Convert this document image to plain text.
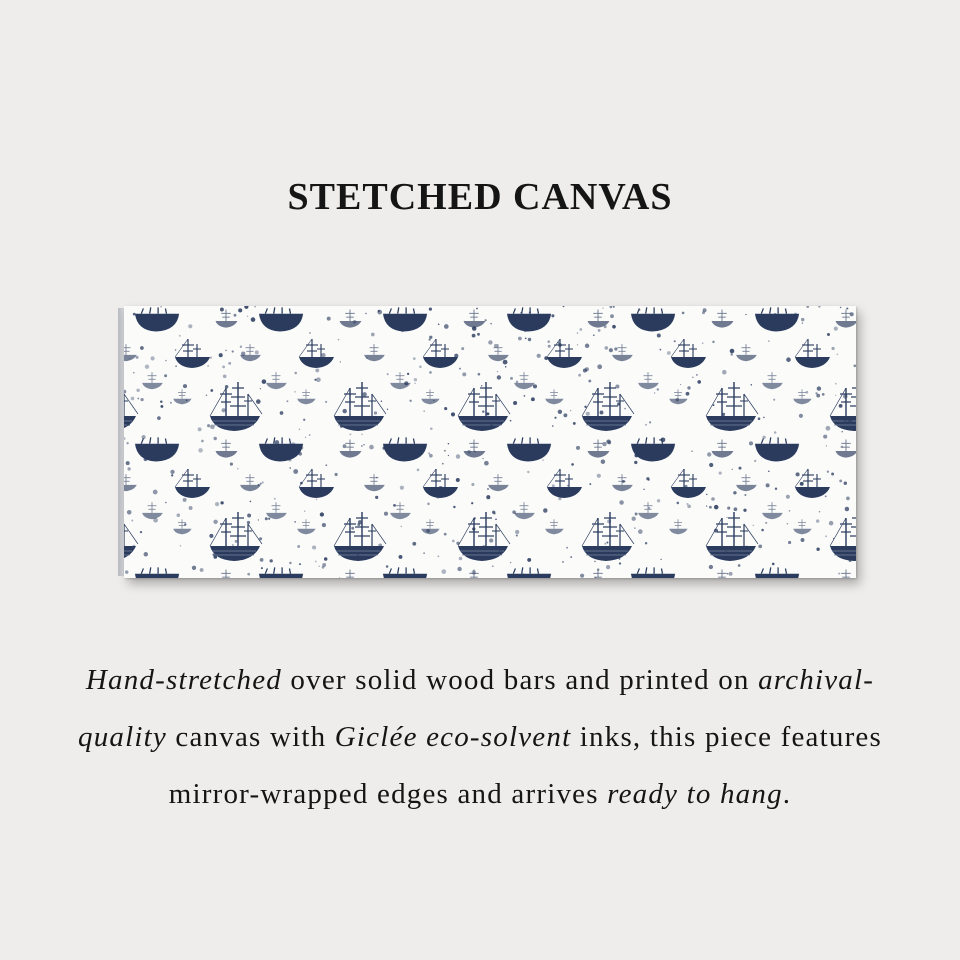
STETCHED CANVAS

Hand-stretched over solid wood bars and printed on archival-quality canvas with Giclée eco-solvent inks, this piece features mirror-wrapped edges and arrives ready to hang.
